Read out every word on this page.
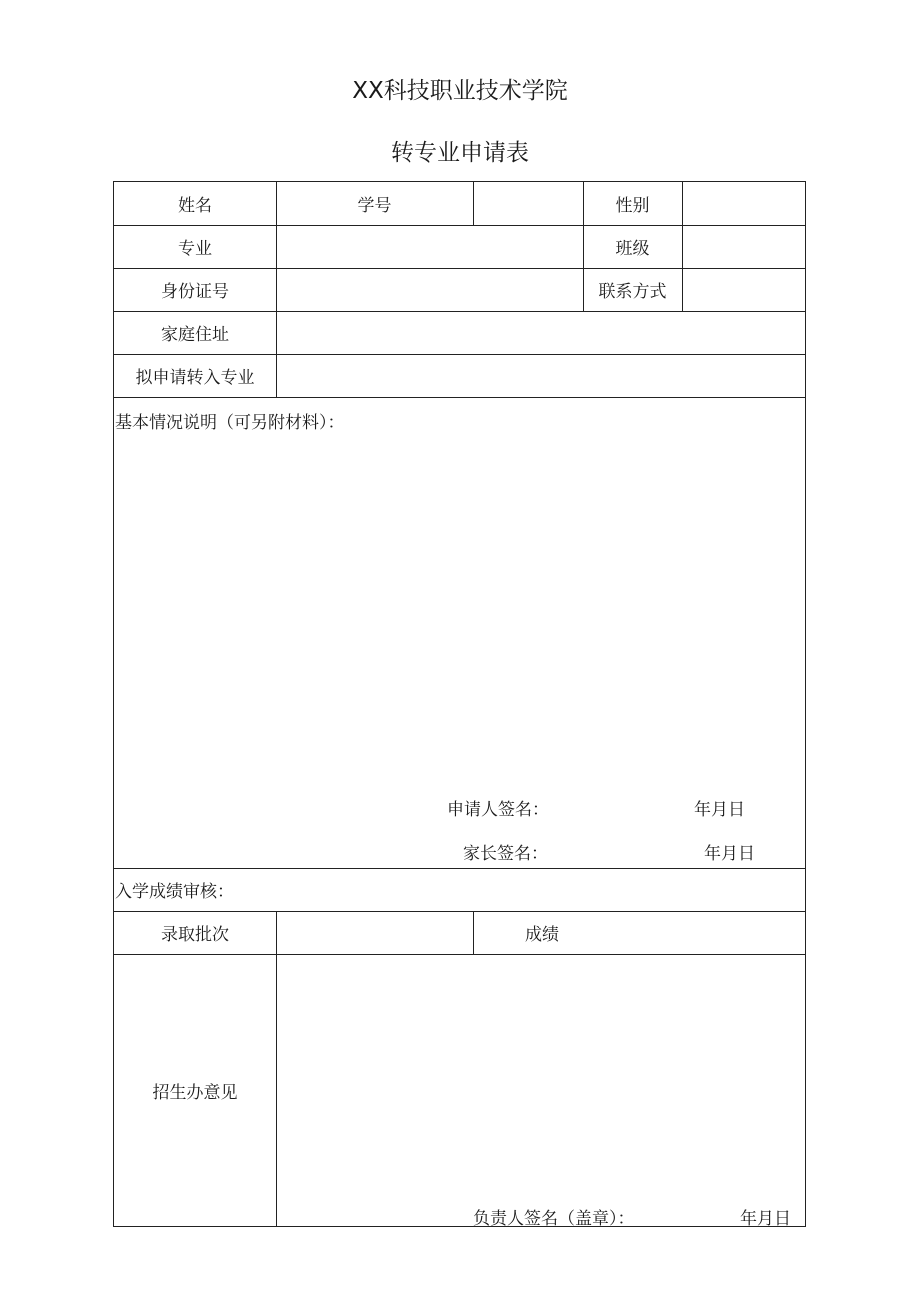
XX科技职业技术学院
转专业申请表
姓名	学号	性别
专业	班级
身份证号	联系方式
家庭住址
拟申请转入专业
基本情况说明（可另附材料）：
申请人签名：	年月日
家长签名：	年月日
入学成绩审核：
录取批次	成绩
招生办意见
负责人签名（盖章）：	年月日
